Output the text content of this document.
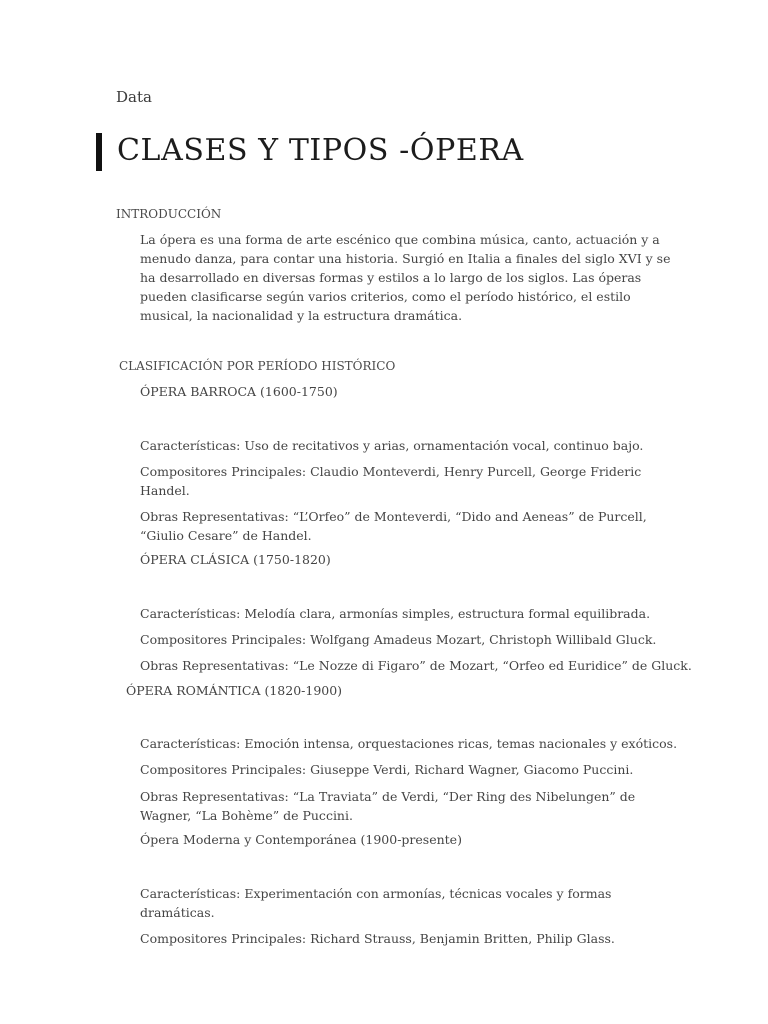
Data
CLASES Y TIPOS -ÓPERA
INTRODUCCIÓN
La ópera es una forma de arte escénico que combina música, canto, actuación y a
menudo danza, para contar una historia. Surgió en Italia a finales del siglo XVI y se
ha desarrollado en diversas formas y estilos a lo largo de los siglos. Las óperas
pueden clasificarse según varios criterios, como el período histórico, el estilo
musical, la nacionalidad y la estructura dramática.
CLASIFICACIÓN POR PERÍODO HISTÓRICO
ÓPERA BARROCA (1600-1750)
Características: Uso de recitativos y arias, ornamentación vocal, continuo bajo.
Compositores Principales: Claudio Monteverdi, Henry Purcell, George Frideric
Handel.
Obras Representativas: “L’Orfeo” de Monteverdi, “Dido and Aeneas” de Purcell,
“Giulio Cesare” de Handel.
ÓPERA CLÁSICA (1750-1820)
Características: Melodía clara, armonías simples, estructura formal equilibrada.
Compositores Principales: Wolfgang Amadeus Mozart, Christoph Willibald Gluck.
Obras Representativas: “Le Nozze di Figaro” de Mozart, “Orfeo ed Euridice” de Gluck.
ÓPERA ROMÁNTICA (1820-1900)
Características: Emoción intensa, orquestaciones ricas, temas nacionales y exóticos.
Compositores Principales: Giuseppe Verdi, Richard Wagner, Giacomo Puccini.
Obras Representativas: “La Traviata” de Verdi, “Der Ring des Nibelungen” de
Wagner, “La Bohème” de Puccini.
Ópera Moderna y Contemporánea (1900-presente)
Características: Experimentación con armonías, técnicas vocales y formas
dramáticas.
Compositores Principales: Richard Strauss, Benjamin Britten, Philip Glass.
